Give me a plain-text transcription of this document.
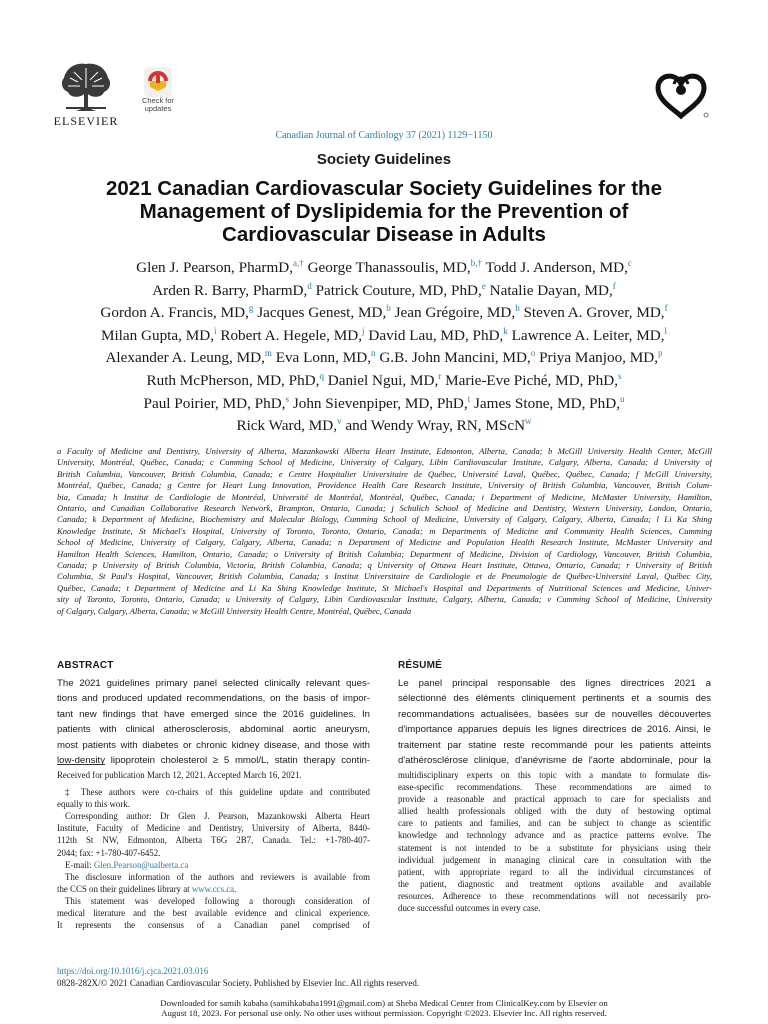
ELSEVIER
Check for
updates
Canadian Journal of Cardiology 37 (2021) 1129−1150
Society Guidelines
2021 Canadian Cardiovascular Society Guidelines for the
Management of Dyslipidemia for the Prevention of
Cardiovascular Disease in Adults
Glen J. Pearson, PharmD,$^{a,\dagger}$ George Thanassoulis, MD,$^{b,\dagger}$ Todd J. Anderson, MD,$^c$
Arden R. Barry, PharmD,$^d$ Patrick Couture, MD, PhD,$^e$ Natalie Dayan, MD,$^f$
Gordon A. Francis, MD,$^g$ Jacques Genest, MD,$^b$ Jean Grégoire, MD,$^h$ Steven A. Grover, MD,$^f$
Milan Gupta, MD,$^i$ Robert A. Hegele, MD,$^j$ David Lau, MD, PhD,$^k$ Lawrence A. Leiter, MD,$^l$
Alexander A. Leung, MD,$^m$ Eva Lonn, MD,$^n$ G.B. John Mancini, MD,$^o$ Priya Manjoo, MD,$^p$
Ruth McPherson, MD, PhD,$^q$ Daniel Ngui, MD,$^r$ Marie-Eve Piché, MD, PhD,$^s$
Paul Poirier, MD, PhD,$^s$ John Sievenpiper, MD, PhD,$^t$ James Stone, MD, PhD,$^u$
Rick Ward, MD,$^v$ and Wendy Wray, RN, MScN$^w$
a Faculty of Medicine and Dentistry, University of Alberta, Mazankowski Alberta Heart Institute, Edmonton, Alberta, Canada; b McGill University Health Center, McGill
University, Montréal, Québec, Canada; c Cumming School of Medicine, University of Calgary, Libin Cardiovascular Institute, Calgary, Alberta, Canada; d University of
British Columbia, Vancouver, British Columbia, Canada; e Centre Hospitalier Universitaire de Québec, Université Laval, Québec, Québec, Canada; f McGill University,
Montréal, Québec, Canada; g Centre for Heart Lung Innovation, Providence Health Care Research Institute, University of British Columbia, Vancouver, British Colum-
bia, Canada; h Institut de Cardiologie de Montréal, Université de Montréal, Montréal, Québec, Canada; i Department of Medicine, McMaster University, Hamilton,
Ontario, and Canadian Collaborative Research Network, Brampton, Ontario, Canada; j Schulich School of Medicine and Dentistry, Western University, London, Ontario,
Canada; k Department of Medicine, Biochemistry and Molecular Biology, Cumming School of Medicine, University of Calgary, Calgary, Alberta, Canada; l Li Ka Shing
Knowledge Institute, St Michael's Hospital, University of Toronto, Toronto, Ontario, Canada; m Departments of Medicine and Community Health Sciences, Cumming
School of Medicine, University of Calgary, Calgary, Alberta, Canada; n Department of Medicine and Population Health Research Institute, McMaster University and
Hamilton Health Sciences, Hamilton, Ontario, Canada; o University of British Columbia; Department of Medicine, Division of Cardiology, Vancouver, British Columbia,
Canada; p University of British Columbia, Victoria, British Columbia, Canada; q University of Ottawa Heart Institute, Ottawa, Ontario, Canada; r University of British
Columbia, St Paul's Hospital, Vancouver, British Columbia, Canada; s Institut Universitaire de Cardiologie et de Pneumologie de Québec-Université Laval, Québec City,
Québec, Canada; t Department of Medicine and Li Ka Shing Knowledge Institute, St Michael's Hospital and Departments of Nutritional Sciences and Medicine, Univer-
sity of Toronto, Toronto, Ontario, Canada; u University of Calgary, Libin Cardiovascular Institute, Calgary, Alberta, Canada; v Cumming School of Medicine, University
of Calgary, Calgary, Alberta, Canada; w McGill University Health Centre, Montréal, Québec, Canada
ABSTRACT	RÉSUMÉ
The 2021 guidelines primary panel selected clinically relevant ques-
tions and produced updated recommendations, on the basis of impor-
tant new findings that have emerged since the 2016 guidelines. In
patients with clinical atherosclerosis, abdominal aortic aneurysm,
most patients with diabetes or chronic kidney disease, and those with
low-density lipoprotein cholesterol ≥ 5 mmol/L, statin therapy contin-
Le panel principal responsable des lignes directrices 2021 a
sélectionné des éléments cliniquement pertinents et a soumis des
recommandations actualisées, basées sur de nouvelles découvertes
d'importance apparues depuis les lignes directrices de 2016. Ainsi, le
traitement par statine reste recommandé pour les patients atteints
d'athérosclérose clinique, d'anévrisme de l'aorte abdominale, pour la
Received for publication March 12, 2021. Accepted March 16, 2021.
‡ These authors were co-chairs of this guideline update and contributed
equally to this work.
Corresponding author: Dr Glen J. Pearson, Mazankowski Alberta Heart
Institute, Faculty of Medicine and Dentistry, University of Alberta, 8440-
112th St NW, Edmonton, Alberta T6G 2B7, Canada. Tel.: +1-780-407-
2044; fax: +1-780-407-6452.
E-mail: Glen.Pearson@ualberta.ca
The disclosure information of the authors and reviewers is available from
the CCS on their guidelines library at www.ccs.ca.
This statement was developed following a thorough consideration of
medical literature and the best available evidence and clinical experience.
It represents the consensus of a Canadian panel comprised of
multidisciplinary experts on this topic with a mandate to formulate dis-
ease-specific recommendations. These recommendations are aimed to
provide a reasonable and practical approach to care for specialists and
allied health professionals obliged with the duty of bestowing optimal
care to patients and families, and can be subject to change as scientific
knowledge and technology advance and as practice patterns evolve. The
statement is not intended to be a substitute for physicians using their
individual judgement in managing clinical care in consultation with the
patient, with appropriate regard to all the individual circumstances of
the patient, diagnostic and treatment options available and available
resources. Adherence to these recommendations will not necessarily pro-
duce successful outcomes in every case.
https://doi.org/10.1016/j.cjca.2021.03.016
0828-282X/© 2021 Canadian Cardiovascular Society. Published by Elsevier Inc. All rights reserved.
Downloaded for samih kabaha (samihkabaha1991@gmail.com) at Sheba Medical Center from ClinicalKey.com by Elsevier on
August 18, 2023. For personal use only. No other uses without permission. Copyright ©2023. Elsevier Inc. All rights reserved.
